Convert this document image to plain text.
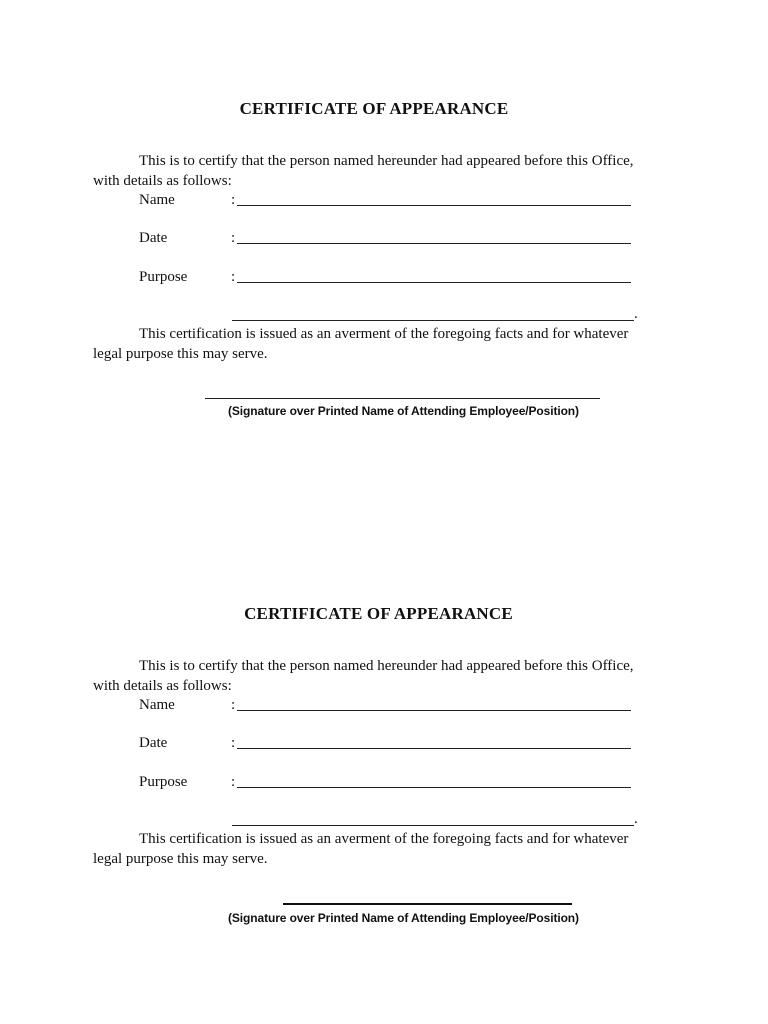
CERTIFICATE OF APPEARANCE
This is to certify that the person named hereunder had appeared before this Office,
with details as follows:
Name	:
Date	:
Purpose	:
.
This certification is issued as an averment of the foregoing facts and for whatever
legal purpose this may serve.
(Signature over Printed Name of Attending Employee/Position)
CERTIFICATE OF APPEARANCE
This is to certify that the person named hereunder had appeared before this Office,
with details as follows:
Name	:
Date	:
Purpose	:
.
This certification is issued as an averment of the foregoing facts and for whatever
legal purpose this may serve.
(Signature over Printed Name of Attending Employee/Position)
